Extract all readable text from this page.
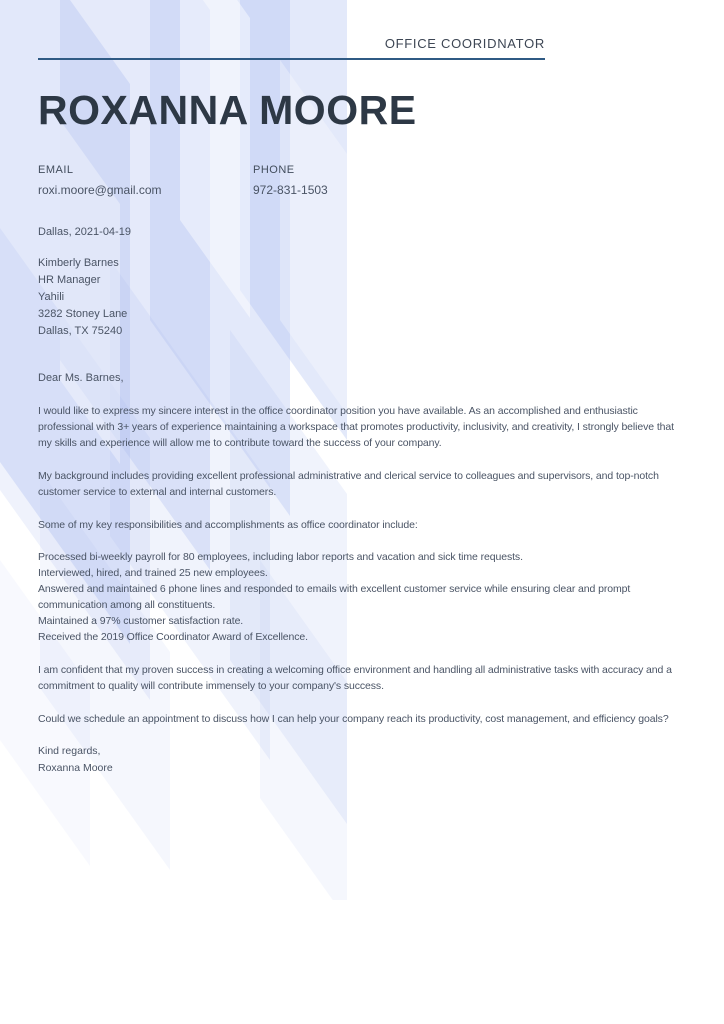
OFFICE COORIDNATOR
ROXANNA MOORE
EMAIL
roxi.moore@gmail.com
PHONE
972-831-1503
Dallas, 2021-04-19
Kimberly Barnes
HR Manager
Yahili
3282 Stoney Lane
Dallas, TX 75240
Dear Ms. Barnes,

I would like to express my sincere interest in the office coordinator position you have available. As an accomplished and enthusiastic professional with 3+ years of experience maintaining a workspace that promotes productivity, inclusivity, and creativity, I strongly believe that my skills and experience will allow me to contribute toward the success of your company.

My background includes providing excellent professional administrative and clerical service to colleagues and supervisors, and top-notch customer service to external and internal customers.

Some of my key responsibilities and accomplishments as office coordinator include:

Processed bi-weekly payroll for 80 employees, including labor reports and vacation and sick time requests.
Interviewed, hired, and trained 25 new employees.
Answered and maintained 6 phone lines and responded to emails with excellent customer service while ensuring clear and prompt communication among all constituents.
Maintained a 97% customer satisfaction rate.
Received the 2019 Office Coordinator Award of Excellence.

I am confident that my proven success in creating a welcoming office environment and handling all administrative tasks with accuracy and a commitment to quality will contribute immensely to your company's success.

Could we schedule an appointment to discuss how I can help your company reach its productivity, cost management, and efficiency goals?

Kind regards,
Roxanna Moore
